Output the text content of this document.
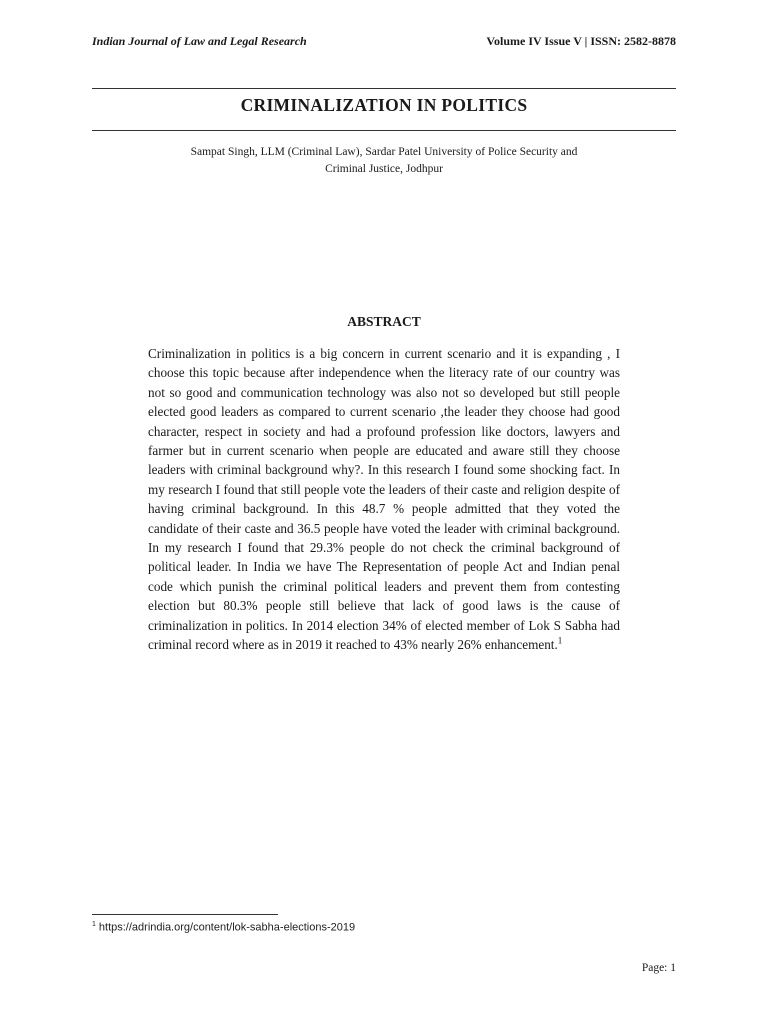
Indian Journal of Law and Legal Research	Volume IV Issue V | ISSN: 2582-8878
CRIMINALIZATION IN POLITICS
Sampat Singh, LLM (Criminal Law), Sardar Patel University of Police Security and
Criminal Justice, Jodhpur
ABSTRACT
Criminalization in politics is a big concern in current scenario and it is expanding , I choose this topic because after independence when the literacy rate of our country was not so good and communication technology was also not so developed but still people elected good leaders as compared to current scenario ,the leader they choose had good character, respect in society and had a profound profession like doctors, lawyers and farmer but in current scenario when people are educated and aware still they choose leaders with criminal background why?. In this research I found some shocking fact. In my research I found that still people vote the leaders of their caste and religion despite of having criminal background. In this 48.7 % people admitted that they voted the candidate of their caste and 36.5 people have voted the leader with criminal background. In my research I found that 29.3% people do not check the criminal background of political leader. In India we have The Representation of people Act and Indian penal code which punish the criminal political leaders and prevent them from contesting election but 80.3% people still believe that lack of good laws is the cause of criminalization in politics. In 2014 election 34% of elected member of Lok S Sabha had criminal record where as in 2019 it reached to 43% nearly 26% enhancement.$^1$
$^1$ https://adrindia.org/content/lok-sabha-elections-2019
Page: 1
